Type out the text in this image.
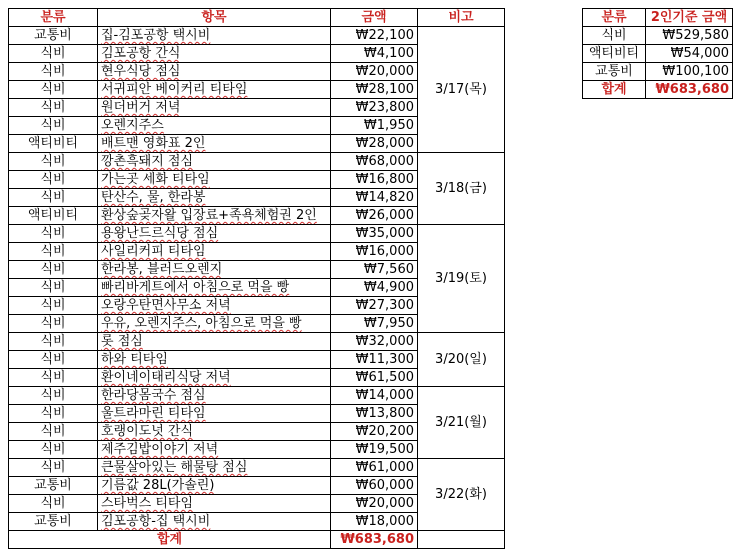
분류	항목	금액	비고
교통비	집-김포공항 택시비	₩22,100	3/17(목)
식비	김포공항 간식	₩4,100	
식비	현우식당 점심	₩20,000	
식비	서귀피안 베이커리 티타임	₩28,100	
식비	원더버거 저녁	₩23,800	
식비	오렌지주스	₩1,950	
액티비티	배트맨 영화표 2인	₩28,000	
식비	깡촌흑돼지 점심	₩68,000	3/18(금)
식비	가는곳 세화 티타임	₩16,800	
식비	탄산수, 물, 한라봉	₩14,820	
액티비티	환상숲곶자왈 입장료+족욕체험권 2인	₩26,000	
식비	용왕난드르식당 점심	₩35,000	3/19(토)
식비	사일리커피 티타임	₩16,000	
식비	한라봉, 블러드오렌지	₩7,560	
식비	빠리바게트에서 아침으로 먹을 빵	₩4,900	
식비	오랑우탄면사무소 저녁	₩27,300	
식비	우유, 오렌지주스, 아침으로 먹을 빵	₩7,950	
식비	롯 점심	₩32,000	3/20(일)
식비	하와 티타임	₩11,300	
식비	환이네이태리식당 저녁	₩61,500	
식비	한라당몸국수 점심	₩14,000	3/21(월)
식비	울트라마린 티타임	₩13,800	
식비	호랭이도넛 간식	₩20,200	
식비	제주김밥이야기 저녁	₩19,500	
식비	큰물살아있는 해물탕 점심	₩61,000	3/22(화)
교통비	기름값 28L(가솔린)	₩60,000	
식비	스타벅스 티타임	₩20,000	
교통비	김포공항-집 택시비	₩18,000	
합계		₩683,680	
분류	2인기준 금액
식비	₩529,580
액티비티	₩54,000
교통비	₩100,100
합계	₩683,680
